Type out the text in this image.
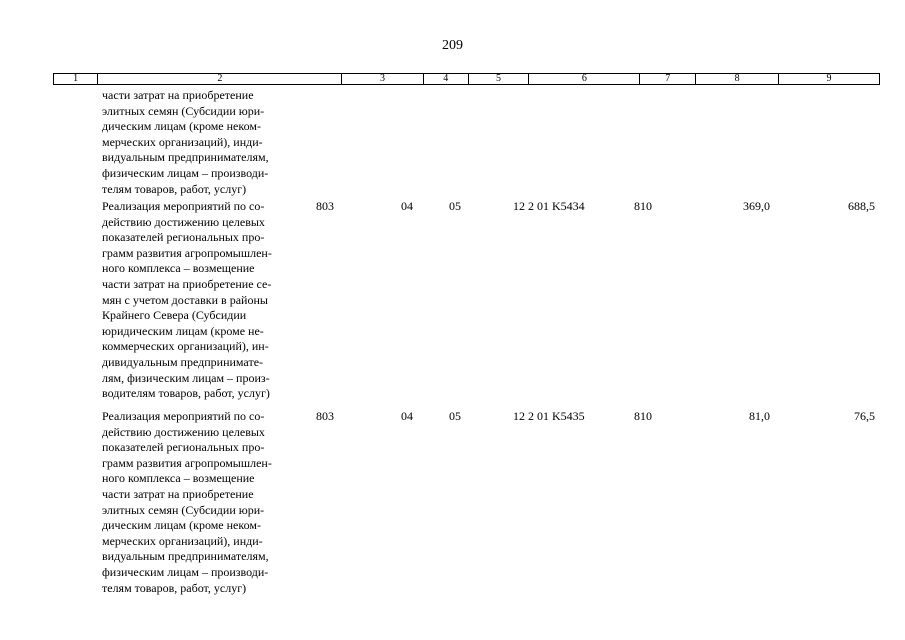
209
1	2	3	4	5	6	7	8	9
части затрат на приобретение
элитных семян (Субсидии юри-
дическим лицам (кроме неком-
мерческих организаций), инди-
видуальным предпринимателям,
физическим лицам – производи-
телям товаров, работ, услуг)
Реализация мероприятий по со-
действию достижению целевых
показателей региональных про-
грамм развития агропромышлен-
ного комплекса – возмещение
части затрат на приобретение се-
мян с учетом доставки в районы
Крайнего Севера (Субсидии
юридическим лицам (кроме не-
коммерческих организаций), ин-
дивидуальным предпринимате-
лям, физическим лицам – произ-
водителям товаров, работ, услуг)
803	04	05	12 2 01 K5434	810	369,0	688,5
Реализация мероприятий по со-
действию достижению целевых
показателей региональных про-
грамм развития агропромышлен-
ного комплекса – возмещение
части затрат на приобретение
элитных семян (Субсидии юри-
дическим лицам (кроме неком-
мерческих организаций), инди-
видуальным предпринимателям,
физическим лицам – производи-
телям товаров, работ, услуг)
803	04	05	12 2 01 K5435	810	81,0	76,5
